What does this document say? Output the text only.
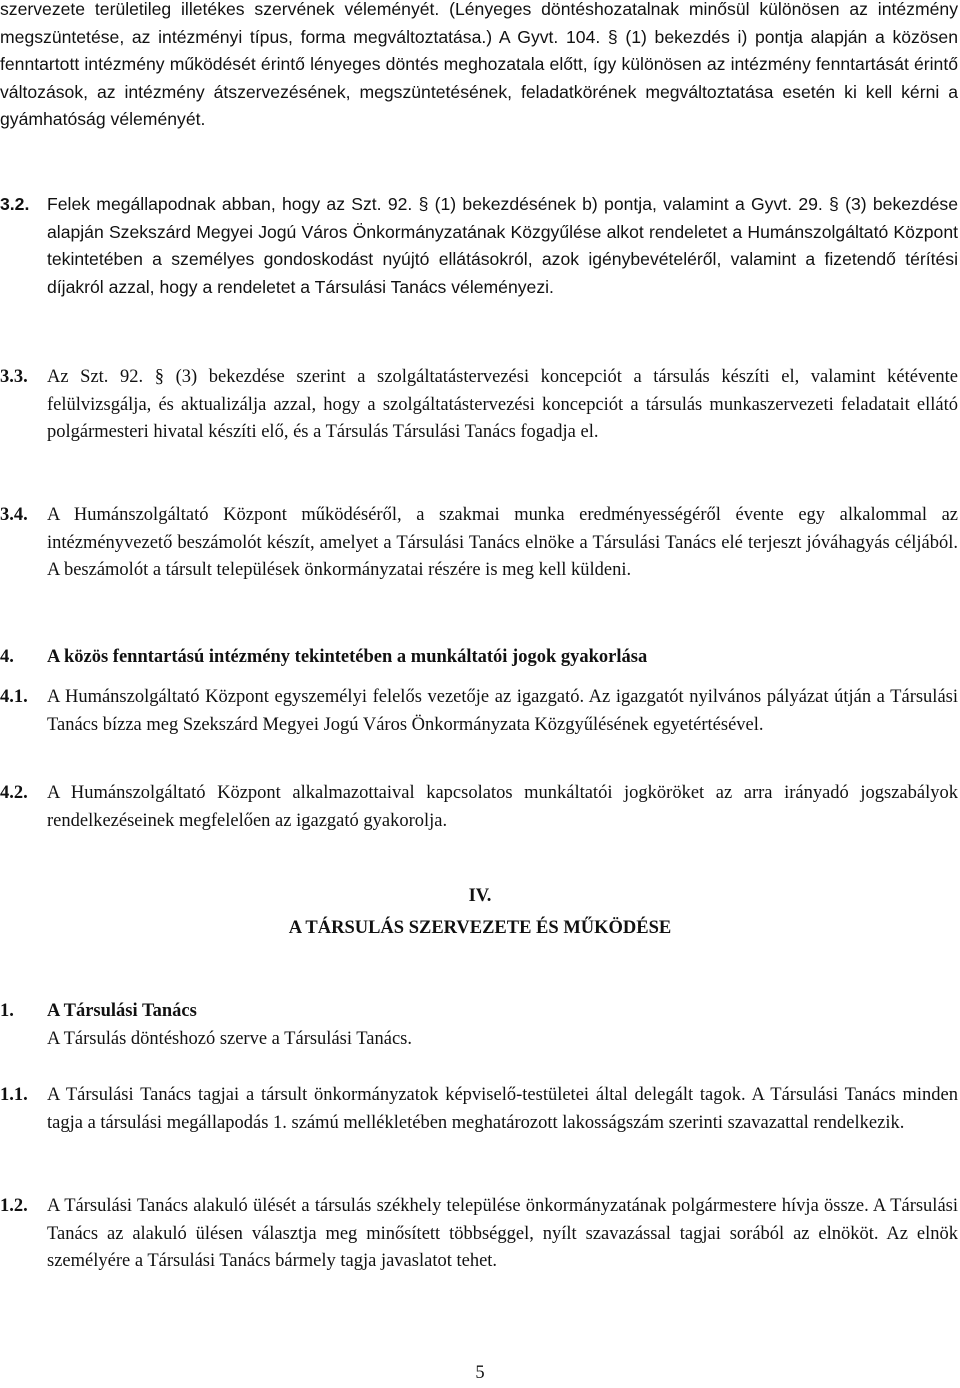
szervezete területileg illetékes szervének véleményét. (Lényeges döntéshozatalnak minősül különösen az intézmény megszüntetése, az intézményi típus, forma megváltoztatása.) A Gyvt. 104. § (1) bekezdés i) pontja alapján a közösen fenntartott intézmény működését érintő lényeges döntés meghozatala előtt, így különösen az intézmény fenntartását érintő változások, az intézmény átszervezésének, megszüntetésének, feladatkörének megváltoztatása esetén ki kell kérni a gyámhatóság véleményét.

3.2.	Felek megállapodnak abban, hogy az Szt. 92. § (1) bekezdésének b) pontja, valamint a Gyvt. 29. § (3) bekezdése alapján Szekszárd Megyei Jogú Város Önkormányzatának Közgyűlése alkot rendeletet a Humánszolgáltató Központ tekintetében a személyes gondoskodást nyújtó ellátásokról, azok igénybevételéről, valamint a fizetendő térítési díjakról azzal, hogy a rendeletet a Társulási Tanács véleményezi.

3.3.	Az Szt. 92. § (3) bekezdése szerint a szolgáltatástervezési koncepciót a társulás készíti el, valamint kétévente felülvizsgálja, és aktualizálja azzal, hogy a szolgáltatástervezési koncepciót a társulás munkaszervezeti feladatait ellátó polgármesteri hivatal készíti elő, és a Társulás Társulási Tanács fogadja el.

3.4.	A Humánszolgáltató Központ működéséről, a szakmai munka eredményességéről évente egy alkalommal az intézményvezető beszámolót készít, amelyet a Társulási Tanács elnöke a Társulási Tanács elé terjeszt jóváhagyás céljából. A beszámolót a társult települések önkormányzatai részére is meg kell küldeni.

4.	A közös fenntartású intézmény tekintetében a munkáltatói jogok gyakorlása

4.1.	A Humánszolgáltató Központ egyszemélyi felelős vezetője az igazgató. Az igazgatót nyilvános pályázat útján a Társulási Tanács bízza meg Szekszárd Megyei Jogú Város Önkormányzata Közgyűlésének egyetértésével.

4.2.	A Humánszolgáltató Központ alkalmazottaival kapcsolatos munkáltatói jogköröket az arra irányadó jogszabályok rendelkezéseinek megfelelően az igazgató gyakorolja.

IV.

A TÁRSULÁS SZERVEZETE ÉS MŰKÖDÉSE

1.	A Társulási Tanács

A Társulás döntéshozó szerve a Társulási Tanács.

1.1.	A Társulási Tanács tagjai a társult önkormányzatok képviselő-testületei által delegált tagok. A Társulási Tanács minden tagja a társulási megállapodás 1. számú mellékletében meghatározott lakosságszám szerinti szavazattal rendelkezik.

1.2.	A Társulási Tanács alakuló ülését a társulás székhely települése önkormányzatának polgármestere hívja össze. A Társulási Tanács az alakuló ülésen választja meg minősített többséggel, nyílt szavazással tagjai sorából az elnököt. Az elnök személyére a Társulási Tanács bármely tagja javaslatot tehet.

5
